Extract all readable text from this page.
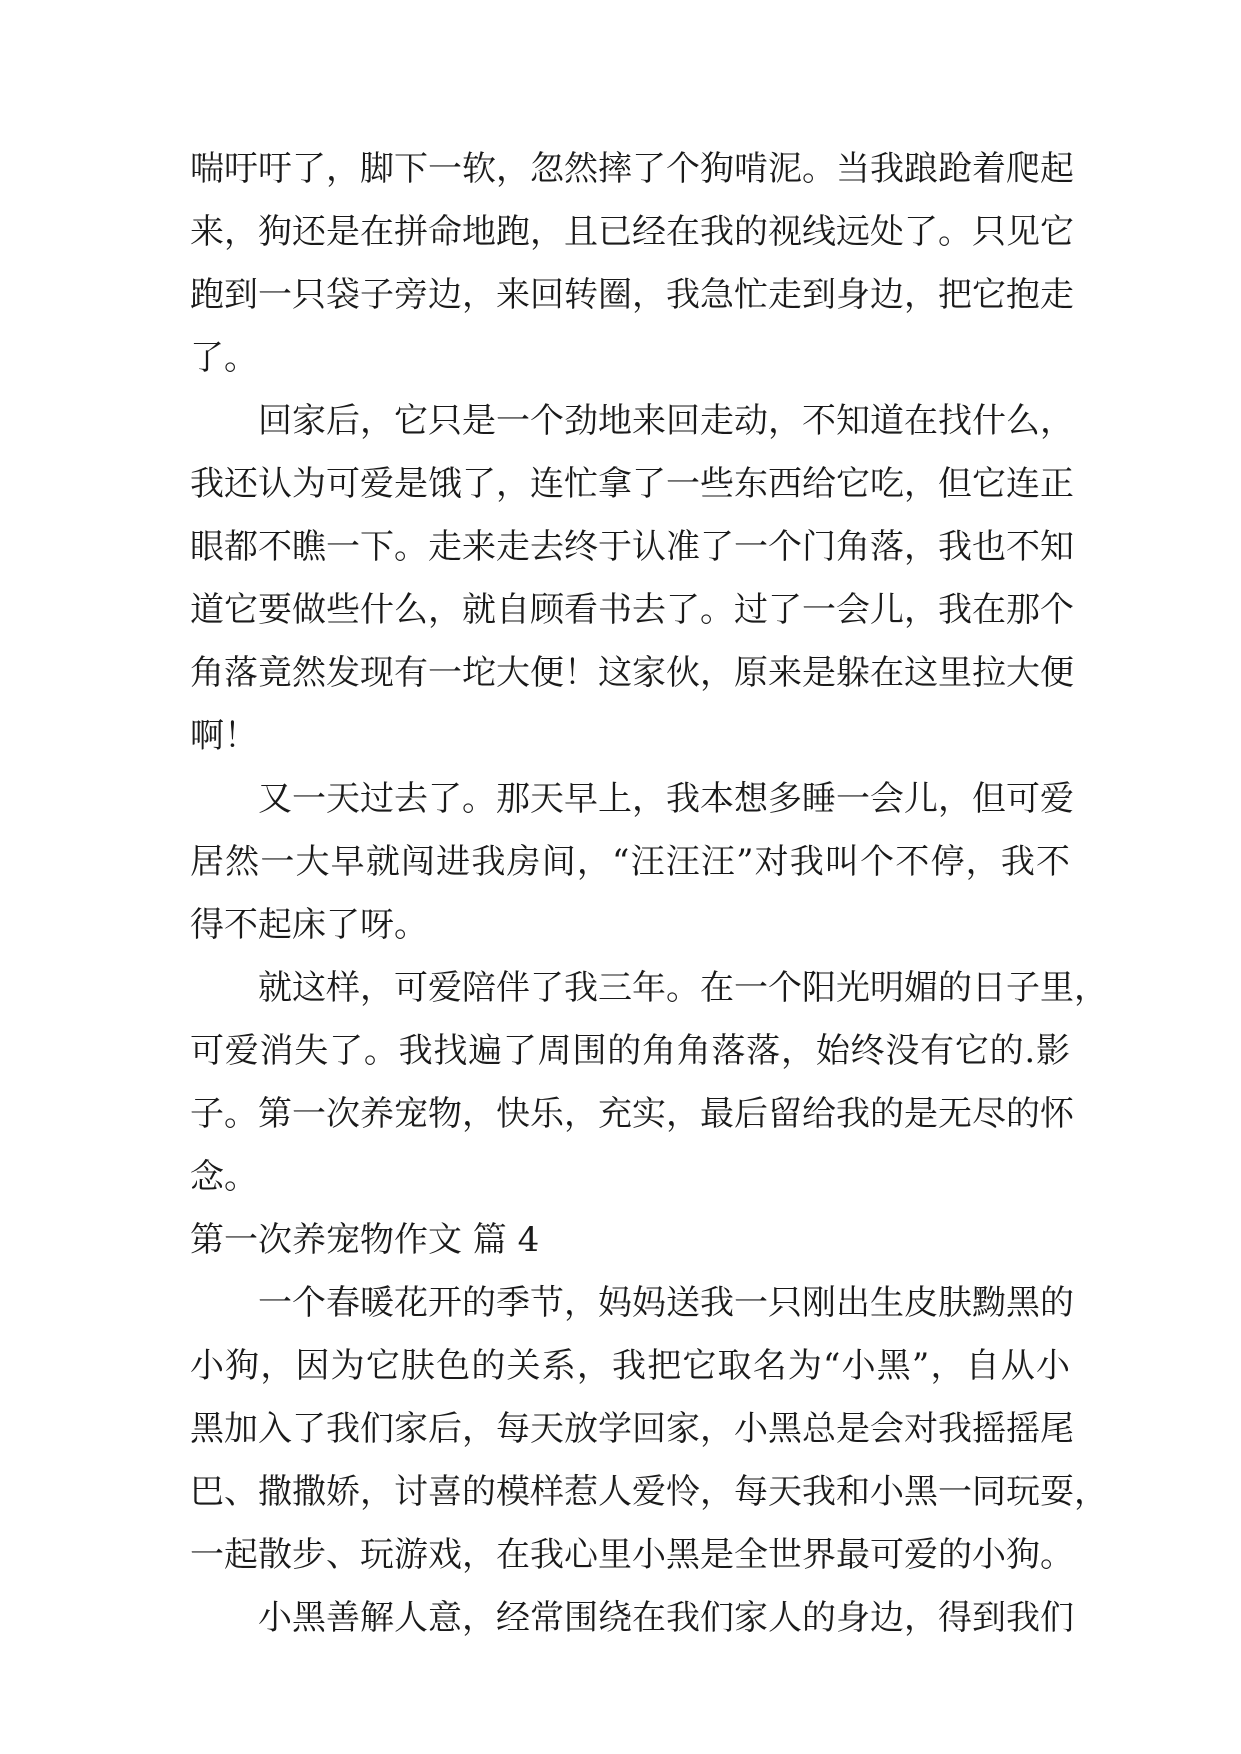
喘吁吁了，脚下一软，忽然摔了个狗啃泥。当我踉跄着爬起
来，狗还是在拼命地跑，且已经在我的视线远处了。只见它
跑到一只袋子旁边，来回转圈，我急忙走到身边，把它抱走
了。
回家后，它只是一个劲地来回走动，不知道在找什么，
我还认为可爱是饿了，连忙拿了一些东西给它吃，但它连正
眼都不瞧一下。走来走去终于认准了一个门角落，我也不知
道它要做些什么，就自顾看书去了。过了一会儿，我在那个
角落竟然发现有一坨大便！这家伙，原来是躲在这里拉大便
啊！
又一天过去了。那天早上，我本想多睡一会儿，但可爱
居然一大早就闯进我房间，“汪汪汪”对我叫个不停，我不
得不起床了呀。
就这样，可爱陪伴了我三年。在一个阳光明媚的日子里，
可爱消失了。我找遍了周围的角角落落，始终没有它的.影
子。第一次养宠物，快乐，充实，最后留给我的是无尽的怀
念。
第一次养宠物作文 篇 4
一个春暖花开的季节，妈妈送我一只刚出生皮肤黝黑的
小狗，因为它肤色的关系，我把它取名为“小黑”，自从小
黑加入了我们家后，每天放学回家，小黑总是会对我摇摇尾
巴、撒撒娇，讨喜的模样惹人爱怜，每天我和小黑一同玩耍，
一起散步、玩游戏，在我心里小黑是全世界最可爱的小狗。
小黑善解人意，经常围绕在我们家人的身边，得到我们
